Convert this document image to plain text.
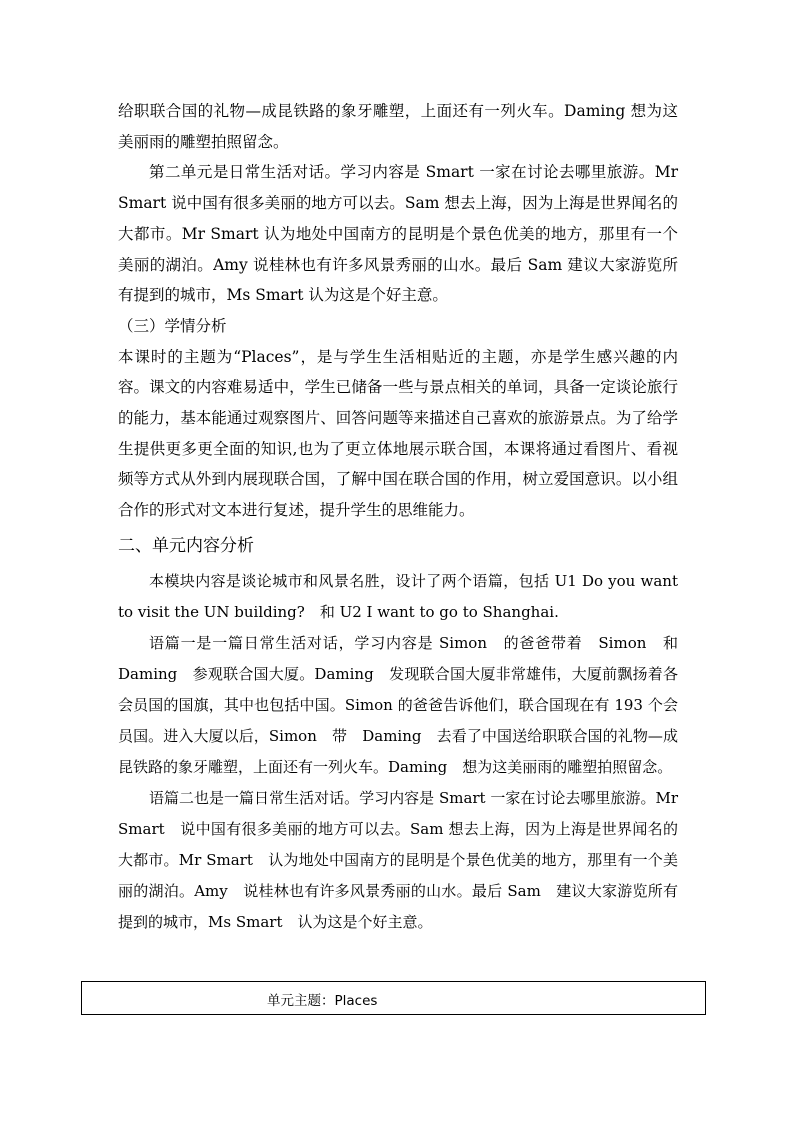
给职联合国的礼物—成昆铁路的象牙雕塑，上面还有一列火车。Daming 想为这美丽雨的雕塑拍照留念。

第二单元是日常生活对话。学习内容是 Smart 一家在讨论去哪里旅游。Mr Smart 说中国有很多美丽的地方可以去。Sam 想去上海，因为上海是世界闻名的大都市。Mr Smart 认为地处中国南方的昆明是个景色优美的地方，那里有一个美丽的湖泊。Amy 说桂林也有许多风景秀丽的山水。最后 Sam 建议大家游览所有提到的城市，Ms Smart 认为这是个好主意。

（三）学情分析

本课时的主题为“Places”，是与学生生活相贴近的主题，亦是学生感兴趣的内容。课文的内容难易适中，学生已储备一些与景点相关的单词，具备一定谈论旅行的能力，基本能通过观察图片、回答问题等来描述自己喜欢的旅游景点。为了给学生提供更多更全面的知识,也为了更立体地展示联合国，本课将通过看图片、看视频等方式从外到内展现联合国，了解中国在联合国的作用，树立爱国意识。以小组合作的形式对文本进行复述，提升学生的思维能力。

二、单元内容分析

本模块内容是谈论城市和风景名胜，设计了两个语篇，包括 U1 Do you want to visit the UN building?　和 U2 I want to go to Shanghai.

语篇一是一篇日常生活对话，学习内容是 Simon　的爸爸带着　Simon　和　Daming　参观联合国大厦。Daming　发现联合国大厦非常雄伟，大厦前飘扬着各会员国的国旗，其中也包括中国。Simon 的爸爸告诉他们，联合国现在有 193 个会员国。进入大厦以后，Simon　带　Daming　去看了中国送给职联合国的礼物—成昆铁路的象牙雕塑，上面还有一列火车。Daming　想为这美丽雨的雕塑拍照留念。

语篇二也是一篇日常生活对话。学习内容是 Smart 一家在讨论去哪里旅游。Mr Smart　说中国有很多美丽的地方可以去。Sam 想去上海，因为上海是世界闻名的大都市。Mr Smart　认为地处中国南方的昆明是个景色优美的地方，那里有一个美丽的湖泊。Amy　说桂林也有许多风景秀丽的山水。最后 Sam　建议大家游览所有提到的城市，Ms Smart　认为这是个好主意。

单元主题：Places
